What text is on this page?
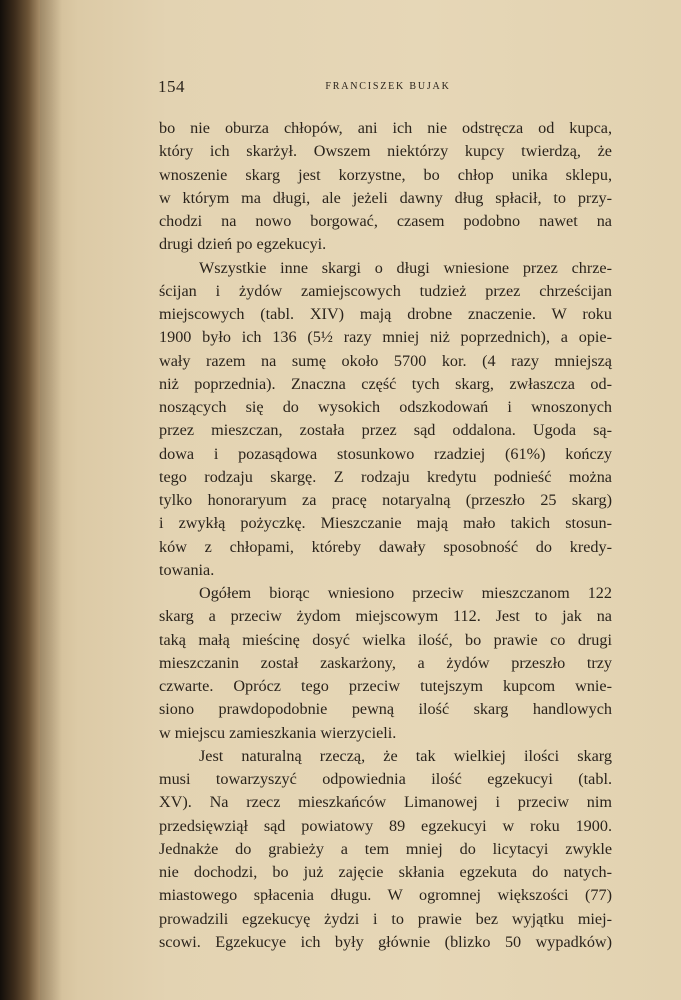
154	FRANCISZEK BUJAK
bo nie oburza chłopów, ani ich nie odstręcza od kupca,
który ich skarżył. Owszem niektórzy kupcy twierdzą, że
wnoszenie skarg jest korzystne, bo chłop unika sklepu,
w którym ma długi, ale jeżeli dawny dług spłacił, to przy-
chodzi na nowo borgować, czasem podobno nawet na
drugi dzień po egzekucyi.
Wszystkie inne skargi o długi wniesione przez chrze-
ścijan i żydów zamiejscowych tudzież przez chrześcijan
miejscowych (tabl. XIV) mają drobne znaczenie. W roku
1900 było ich 136 (5½ razy mniej niż poprzednich), a opie-
wały razem na sumę około 5700 kor. (4 razy mniejszą
niż poprzednia). Znaczna część tych skarg, zwłaszcza od-
noszących się do wysokich odszkodowań i wnoszonych
przez mieszczan, została przez sąd oddalona. Ugoda są-
dowa i pozasądowa stosunkowo rzadziej (61%) kończy
tego rodzaju skargę. Z rodzaju kredytu podnieść można
tylko honoraryum za pracę notaryalną (przeszło 25 skarg)
i zwykłą pożyczkę. Mieszczanie mają mało takich stosun-
ków z chłopami, któreby dawały sposobność do kredy-
towania.
Ogółem biorąc wniesiono przeciw mieszczanom 122
skarg a przeciw żydom miejscowym 112. Jest to jak na
taką małą mieścinę dosyć wielka ilość, bo prawie co drugi
mieszczanin został zaskarżony, a żydów przeszło trzy
czwarte. Oprócz tego przeciw tutejszym kupcom wnie-
siono prawdopodobnie pewną ilość skarg handlowych
w miejscu zamieszkania wierzycieli.
Jest naturalną rzeczą, że tak wielkiej ilości skarg
musi towarzyszyć odpowiednia ilość egzekucyi (tabl.
XV). Na rzecz mieszkańców Limanowej i przeciw nim
przedsięwziął sąd powiatowy 89 egzekucyi w roku 1900.
Jednakże do grabieży a tem mniej do licytacyi zwykle
nie dochodzi, bo już zajęcie skłania egzekuta do natych-
miastowego spłacenia długu. W ogromnej większości (77)
prowadzili egzekucyę żydzi i to prawie bez wyjątku miej-
scowi. Egzekucye ich były głównie (blizko 50 wypadków)
